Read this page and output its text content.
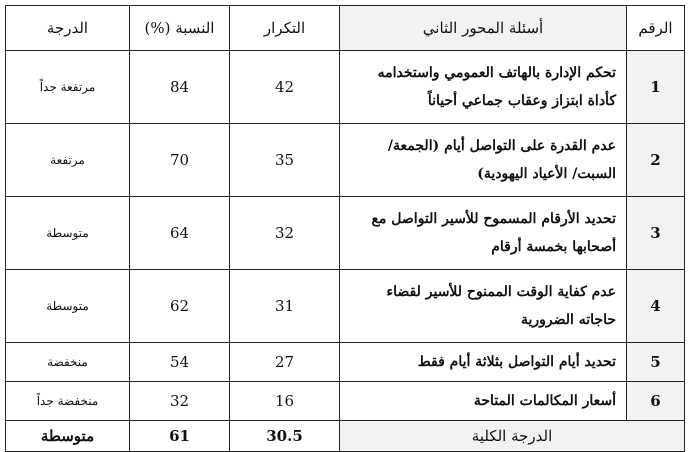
الرقم	أسئلة المحور الثاني	التكرار	النسبة (%)	الدرجة
1	تحكم الإدارة بالهاتف العمومي واستخدامه كأداة ابتزاز وعقاب جماعي أحياناً	42	84	مرتفعة جداً
2	عدم القدرة على التواصل أيام (الجمعة/ السبت/ الأعياد اليهودية)	35	70	مرتفعة
3	تحديد الأرقام المسموح للأسير التواصل مع أصحابها بخمسة أرقام	32	64	متوسطة
4	عدم كفاية الوقت الممنوح للأسير لقضاء حاجاته الضرورية	31	62	متوسطة
5	تحديد أيام التواصل بثلاثة أيام فقط	27	54	منخفضة
6	أسعار المكالمات المتاحة	16	32	منخفضة جداً
الدرجة الكلية		30.5	61	متوسطة
